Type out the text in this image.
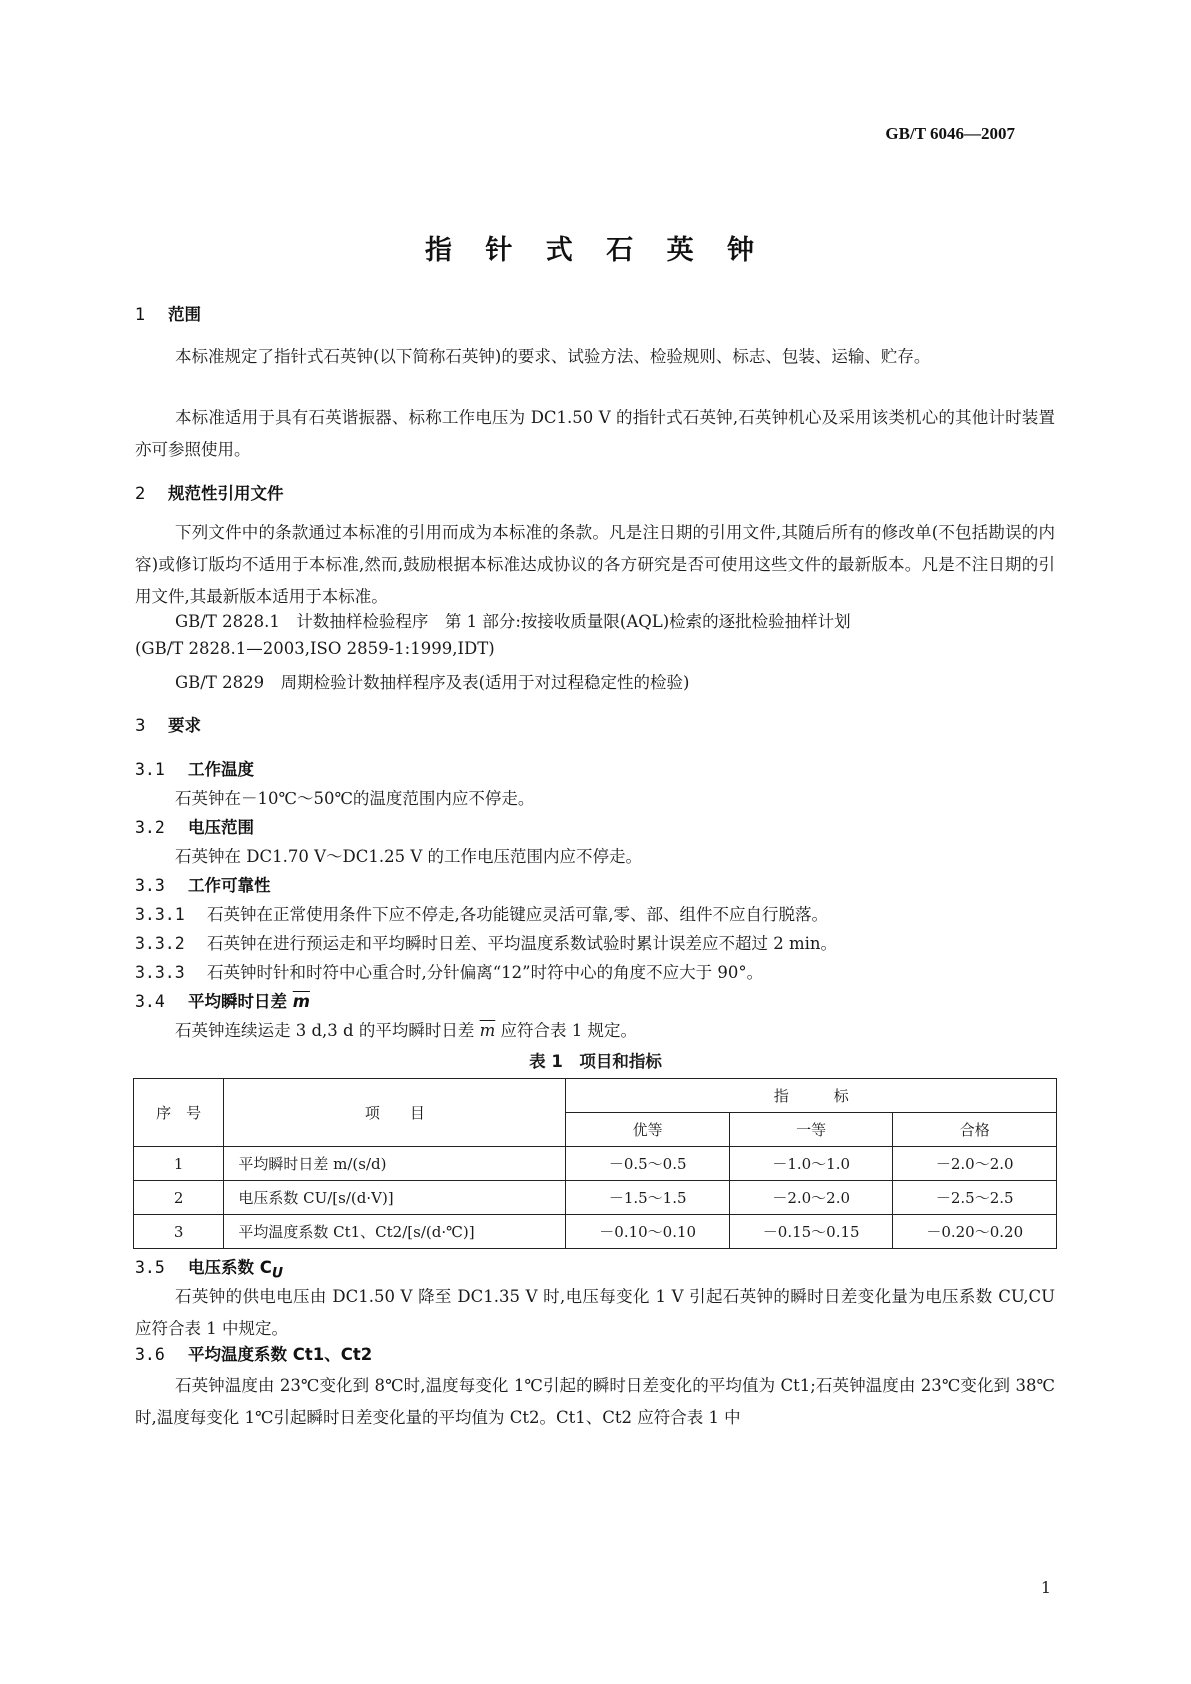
GB/T 6046—2007
指 针 式 石 英 钟
1 范围
本标准规定了指针式石英钟(以下简称石英钟)的要求、试验方法、检验规则、标志、包装、运输、贮存。
本标准适用于具有石英谐振器、标称工作电压为 DC1.50 V 的指针式石英钟,石英钟机心及采用该类机心的其他计时装置亦可参照使用。
2 规范性引用文件
下列文件中的条款通过本标准的引用而成为本标准的条款。凡是注日期的引用文件,其随后所有的修改单(不包括勘误的内容)或修订版均不适用于本标准,然而,鼓励根据本标准达成协议的各方研究是否可使用这些文件的最新版本。凡是不注日期的引用文件,其最新版本适用于本标准。
GB/T 2828.1　计数抽样检验程序　第 1 部分:按接收质量限(AQL)检索的逐批检验抽样计划
(GB/T 2828.1—2003,ISO 2859-1:1999,IDT)
GB/T 2829　周期检验计数抽样程序及表(适用于对过程稳定性的检验)
3 要求
3.1 工作温度
石英钟在－10℃～50℃的温度范围内应不停走。
3.2 电压范围
石英钟在 DC1.70 V～DC1.25 V 的工作电压范围内应不停走。
3.3 工作可靠性
3.3.1 石英钟在正常使用条件下应不停走,各功能键应灵活可靠,零、部、组件不应自行脱落。
3.3.2 石英钟在进行预运走和平均瞬时日差、平均温度系数试验时累计误差应不超过 2 min。
3.3.3 石英钟时针和时符中心重合时,分针偏离“12”时符中心的角度不应大于 90°。
3.4 平均瞬时日差 $\overline{m}$
石英钟连续运走 3 d,3 d 的平均瞬时日差 $\overline{m}$ 应符合表 1 规定。
表 1　项目和指标
序　号	项　　目	指　　　标		
		优等	一等	合格
1	平均瞬时日差 m/(s/d)	－0.5～0.5	－1.0～1.0	－2.0～2.0
2	电压系数 CU/[s/(d·V)]	－1.5～1.5	－2.0～2.0	－2.5～2.5
3	平均温度系数 Ct1、Ct2/[s/(d·℃)]	－0.10～0.10	－0.15～0.15	－0.20～0.20
3.5 电压系数 $C_U$
石英钟的供电电压由 DC1.50 V 降至 DC1.35 V 时,电压每变化 1 V 引起石英钟的瞬时日差变化量为电压系数 CU,CU 应符合表 1 中规定。
3.6 平均温度系数 Ct1、Ct2
石英钟温度由 23℃变化到 8℃时,温度每变化 1℃引起的瞬时日差变化的平均值为 Ct1;石英钟温度由 23℃变化到 38℃时,温度每变化 1℃引起瞬时日差变化量的平均值为 Ct2。Ct1、Ct2 应符合表 1 中
1
